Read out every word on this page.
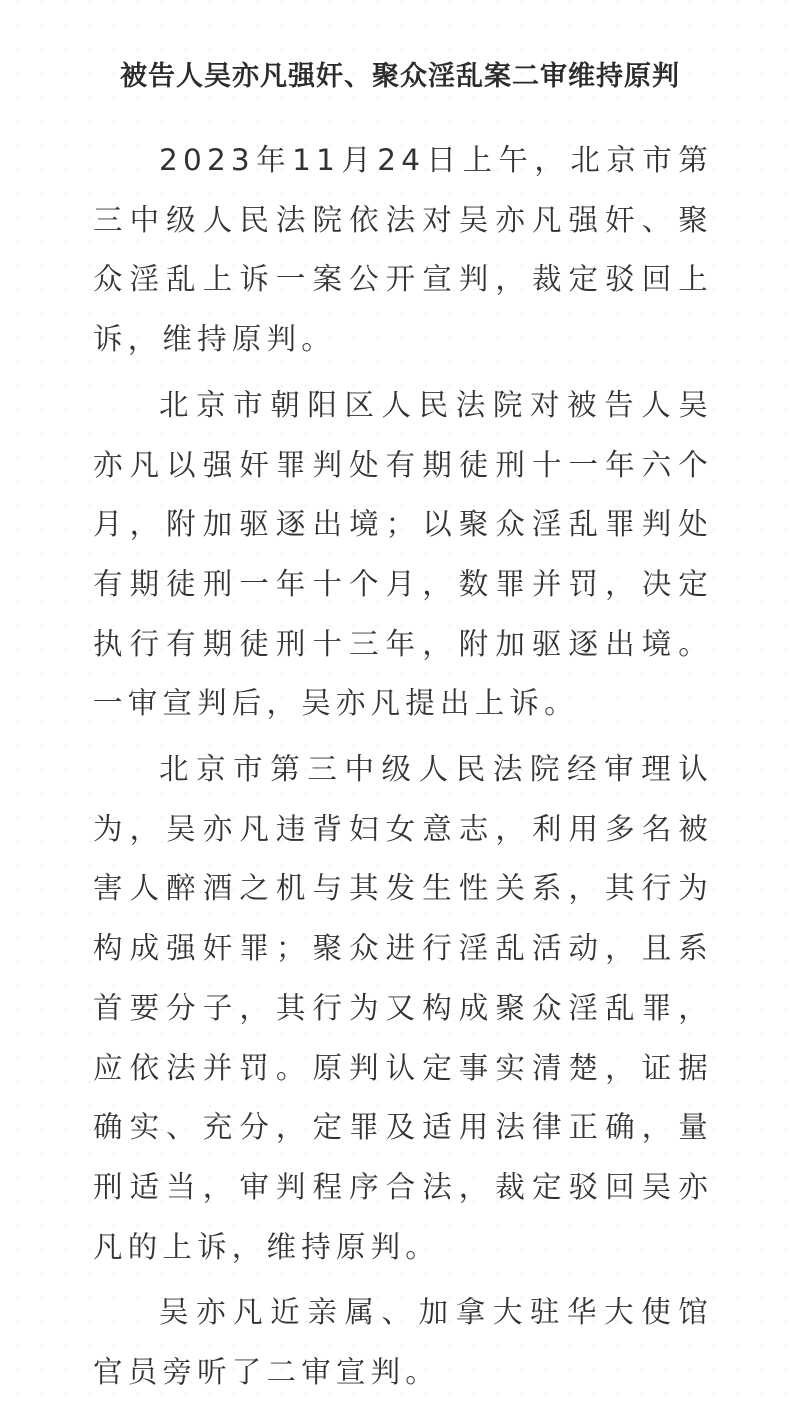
被告人吴亦凡强奸、聚众淫乱案二审维持原判

2023年11月24日上午，北京市第三中级人民法院依法对吴亦凡强奸、聚众淫乱上诉一案公开宣判，裁定驳回上诉，维持原判。

北京市朝阳区人民法院对被告人吴亦凡以强奸罪判处有期徒刑十一年六个月，附加驱逐出境；以聚众淫乱罪判处有期徒刑一年十个月，数罪并罚，决定执行有期徒刑十三年，附加驱逐出境。一审宣判后，吴亦凡提出上诉。

北京市第三中级人民法院经审理认为，吴亦凡违背妇女意志，利用多名被害人醉酒之机与其发生性关系，其行为构成强奸罪；聚众进行淫乱活动，且系首要分子，其行为又构成聚众淫乱罪，应依法并罚。原判认定事实清楚，证据确实、充分，定罪及适用法律正确，量刑适当，审判程序合法，裁定驳回吴亦凡的上诉，维持原判。

吴亦凡近亲属、加拿大驻华大使馆官员旁听了二审宣判。
